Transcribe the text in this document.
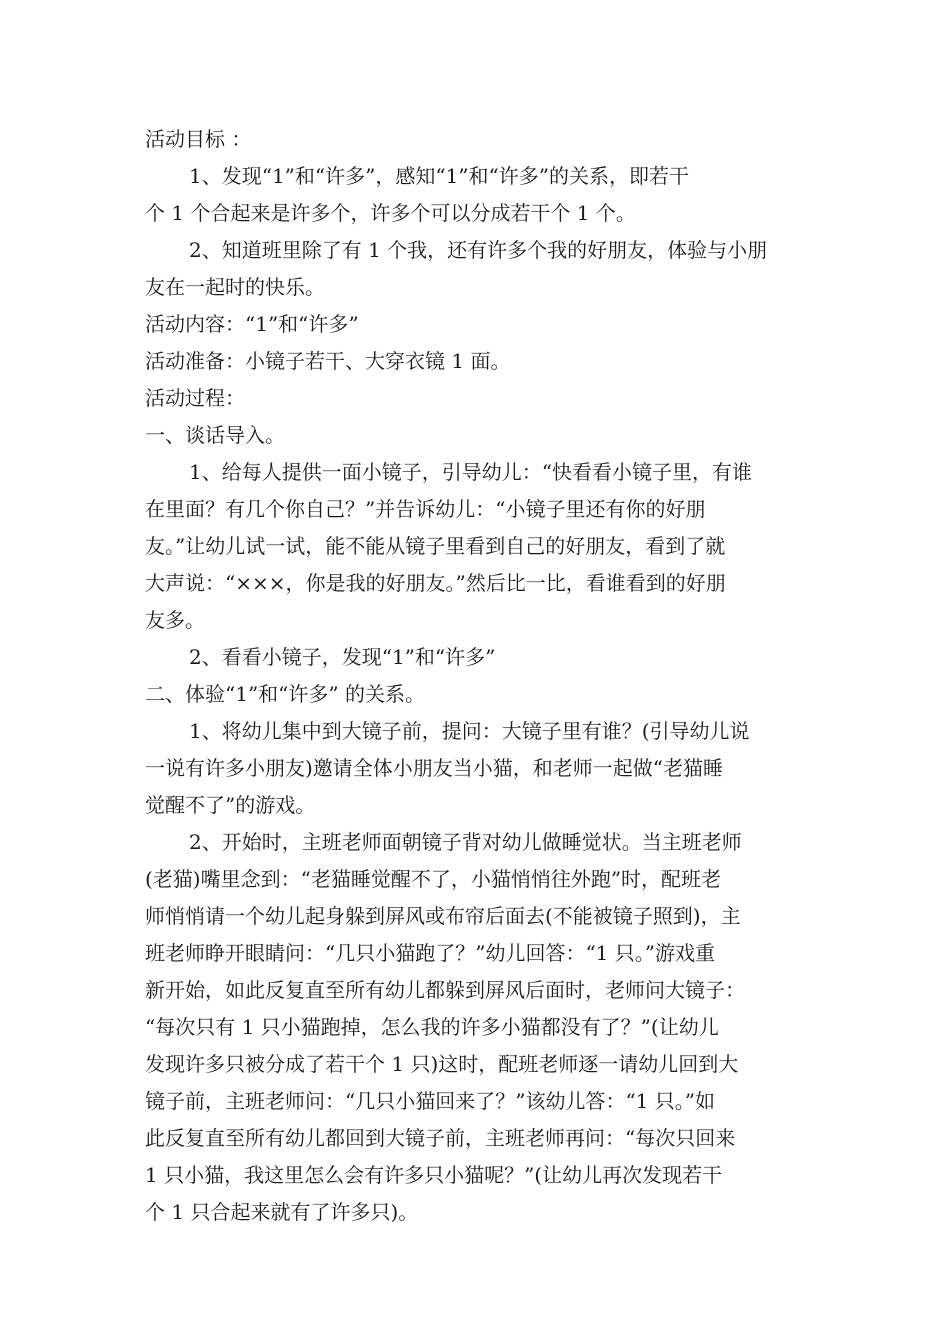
活动目标 ：
1、发现“1”和“许多”，感知“1”和“许多”的关系，即若干
个 1 个合起来是许多个，许多个可以分成若干个 1 个。
2、知道班里除了有 1 个我，还有许多个我的好朋友，体验与小朋
友在一起时的快乐。
活动内容：“1”和“许多”
活动准备：小镜子若干、大穿衣镜 1 面。
活动过程：
一、谈话导入。
1、给每人提供一面小镜子，引导幼儿：“快看看小镜子里，有谁
在里面？有几个你自己？”并告诉幼儿：“小镜子里还有你的好朋
友。”让幼儿试一试，能不能从镜子里看到自己的好朋友，看到了就
大声说：“×××，你是我的好朋友。”然后比一比，看谁看到的好朋
友多。
2、看看小镜子，发现“1”和“许多”
二、体验“1”和“许多” 的关系。
1、将幼儿集中到大镜子前，提问：大镜子里有谁？(引导幼儿说
一说有许多小朋友)邀请全体小朋友当小猫，和老师一起做“老猫睡
觉醒不了”的游戏。
2、开始时，主班老师面朝镜子背对幼儿做睡觉状。当主班老师
(老猫)嘴里念到：“老猫睡觉醒不了，小猫悄悄往外跑”时，配班老
师悄悄请一个幼儿起身躲到屏风或布帘后面去(不能被镜子照到)，主
班老师睁开眼睛问：“几只小猫跑了？”幼儿回答：“1 只。”游戏重
新开始，如此反复直至所有幼儿都躲到屏风后面时，老师问大镜子：
“每次只有 1 只小猫跑掉，怎么我的许多小猫都没有了？”(让幼儿
发现许多只被分成了若干个 1 只)这时，配班老师逐一请幼儿回到大
镜子前，主班老师问：“几只小猫回来了？”该幼儿答：“1 只。”如
此反复直至所有幼儿都回到大镜子前，主班老师再问：“每次只回来
1 只小猫，我这里怎么会有许多只小猫呢？”(让幼儿再次发现若干
个 1 只合起来就有了许多只)。
